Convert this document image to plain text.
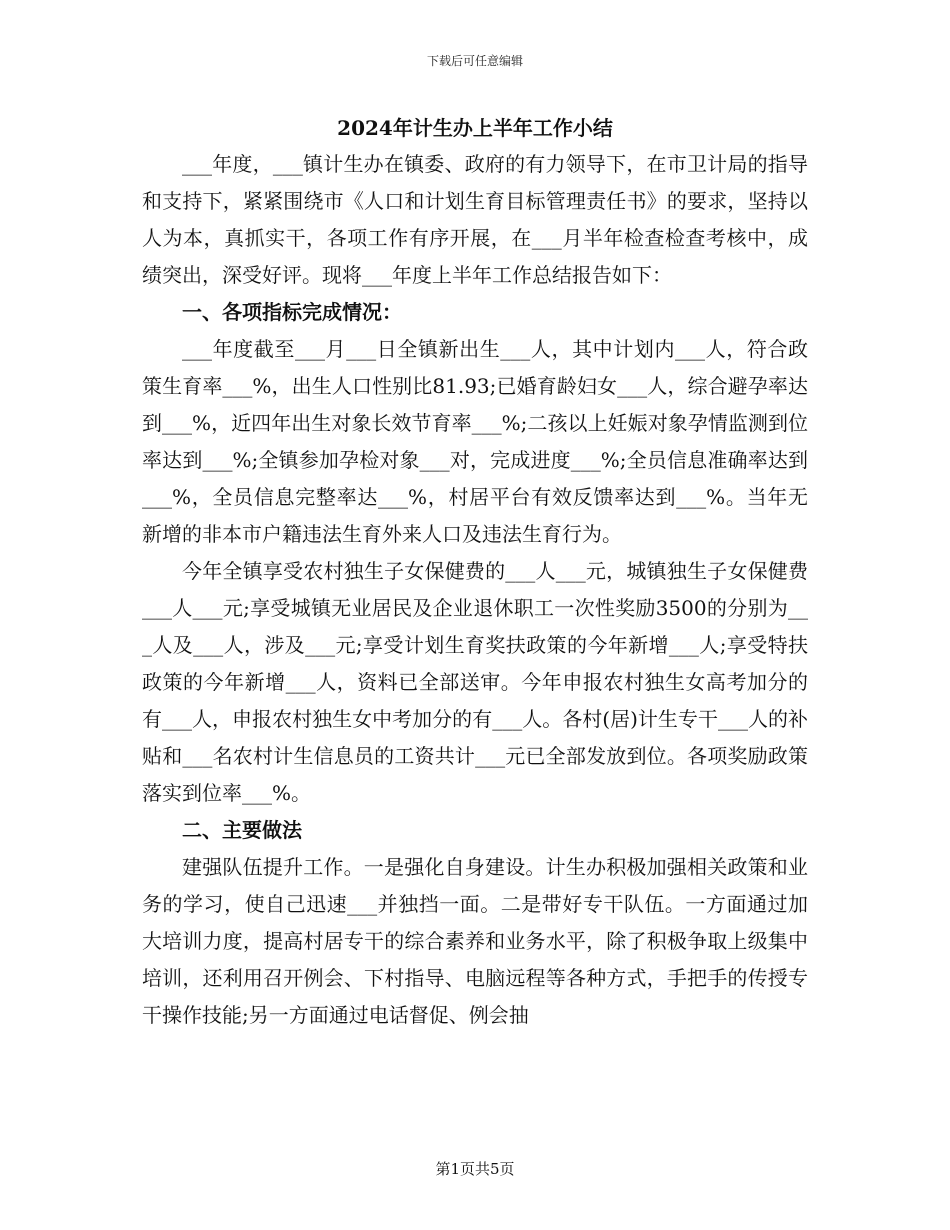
下载后可任意编辑
2024年计生办上半年工作小结

___年度，___镇计生办在镇委、政府的有力领导下，在市卫计局的指导和支持下，紧紧围绕市《人口和计划生育目标管理责任书》的要求，坚持以人为本，真抓实干，各项工作有序开展，在___月半年检查检查考核中，成绩突出，深受好评。现将___年度上半年工作总结报告如下：

一、各项指标完成情况：

___年度截至___月___日全镇新出生___人，其中计划内___人，符合政策生育率___%，出生人口性别比81.93;已婚育龄妇女___人，综合避孕率达到___%，近四年出生对象长效节育率___%;二孩以上妊娠对象孕情监测到位率达到___%;全镇参加孕检对象___对，完成进度___%;全员信息准确率达到___%，全员信息完整率达___%，村居平台有效反馈率达到___%。当年无新增的非本市户籍违法生育外来人口及违法生育行为。

今年全镇享受农村独生子女保健费的___人___元，城镇独生子女保健费___人___元;享受城镇无业居民及企业退休职工一次性奖励3500的分别为___人及___人，涉及___元;享受计划生育奖扶政策的今年新增___人;享受特扶政策的今年新增___人，资料已全部送审。今年申报农村独生女高考加分的有___人，申报农村独生女中考加分的有___人。各村(居)计生专干___人的补贴和___名农村计生信息员的工资共计___元已全部发放到位。各项奖励政策落实到位率___%。

二、主要做法

建强队伍提升工作。一是强化自身建设。计生办积极加强相关政策和业务的学习，使自己迅速___并独挡一面。二是带好专干队伍。一方面通过加大培训力度，提高村居专干的综合素养和业务水平，除了积极争取上级集中培训，还利用召开例会、下村指导、电脑远程等各种方式，手把手的传授专干操作技能;另一方面通过电话督促、例会抽

第1页共5页
